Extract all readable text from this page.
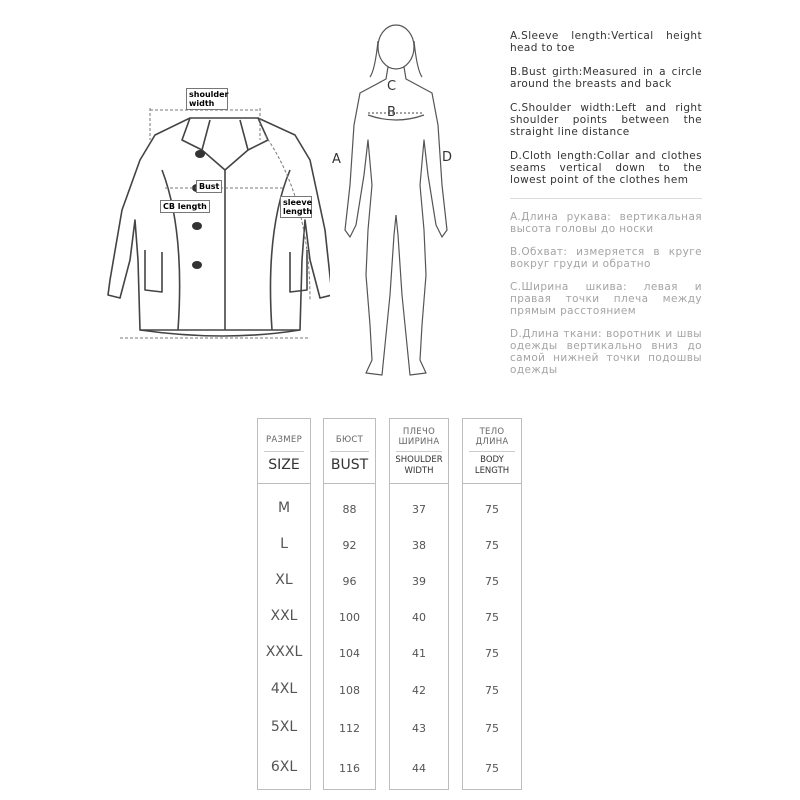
shoulder width
Bust
CB length	sleeve length
C
B
A	D
A.Sleeve length:Vertical height head to toe
B.Bust girth:Measured in a circle around the breasts and back
C.Shoulder width:Left and right shoulder points between the straight line distance
D.Cloth length:Collar and clothes seams vertical down to the lowest point of the clothes hem
A.Длина рукава: вертикальная высота головы до носки
B.Обхват: измеряется в круге вокруг груди и обратно
C.Ширина шкива: левая и правая точки плеча между прямым расстоянием
D.Длина ткани: воротник и швы одежды вертикально вниз до самой нижней точки подошвы одежды
РАЗМЕР
SIZE
M
L
XL
XXL
XXXL
4XL
5XL
6XL
БЮСТ
BUST
88
92
96
100
104
108
112
116
ПЛЕЧО ШИРИНА
SHOULDER WIDTH
37
38
39
40
41
42
43
44
ТЕЛО ДЛИНА
BODY LENGTH
75
75
75
75
75
75
75
75
